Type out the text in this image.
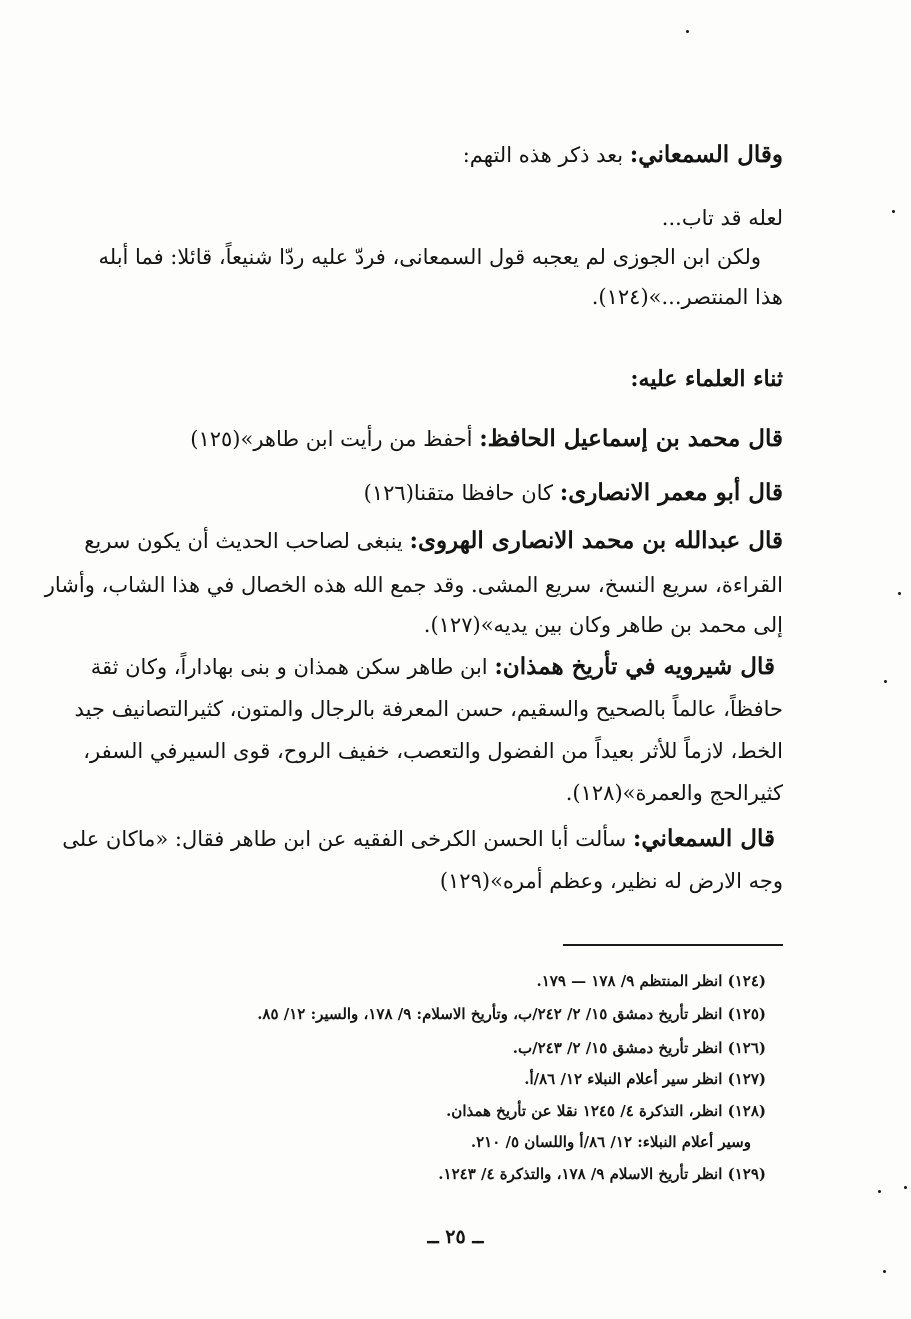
وقال السمعاني: بعد ذكر هذه التهم:
لعله قد تاب...
ولكن ابن الجوزى لم يعجبه قول السمعانى، فردّ عليه ردّا شنيعاً، قائلا: فما أبله
هذا المنتصر...»(١٢٤).
ثناء العلماء عليه:
قال محمد بن إسماعيل الحافظ: أحفظ من رأيت ابن طاهر»(١٢٥)
قال أبو معمر الانصارى: كان حافظا متقنا(١٢٦)
قال عبدالله بن محمد الانصارى الهروى: ينبغى لصاحب الحديث أن يكون سريع
القراءة، سريع النسخ، سريع المشى. وقد جمع الله هذه الخصال في هذا الشاب، وأشار
إلى محمد بن طاهر وكان بين يديه»(١٢٧).
قال شيرويه في تأريخ همذان: ابن طاهر سكن همذان و بنى بهاداراً، وكان ثقة
حافظاً، عالماً بالصحيح والسقيم، حسن المعرفة بالرجال والمتون، كثيرالتصانيف جيد
الخط، لازماً للأثر بعيداً من الفضول والتعصب، خفيف الروح، قوى السيرفي السفر،
كثيرالحج والعمرة»(١٢٨).
قال السمعاني: سألت أبا الحسن الكرخى الفقيه عن ابن طاهر فقال: «ماكان على
وجه الارض له نظير، وعظم أمره»(١٢٩)
(١٢٤) انظر المنتظم ٩/ ١٧٨ — ١٧٩.
(١٢٥) انظر تأريخ دمشق ١٥/ ٢/ ٢٤٢/ب، وتأريخ الاسلام: ٩/ ١٧٨، والسير: ١٢/ ٨٥.
(١٢٦) انظر تأريخ دمشق ١٥/ ٢/ ٢٤٣/ب.
(١٢٧) انظر سير أعلام النبلاء ١٢/ ٨٦/أ.
(١٢٨) انظر، التذكرة ٤/ ١٢٤٥ نقلا عن تأريخ همذان.
وسير أعلام النبلاء: ١٢/ ٨٦/أ واللسان ٥/ ٢١٠.
(١٢٩) انظر تأريخ الاسلام ٩/ ١٧٨، والتذكرة ٤/ ١٢٤٣.
ــ ٢٥ ــ
